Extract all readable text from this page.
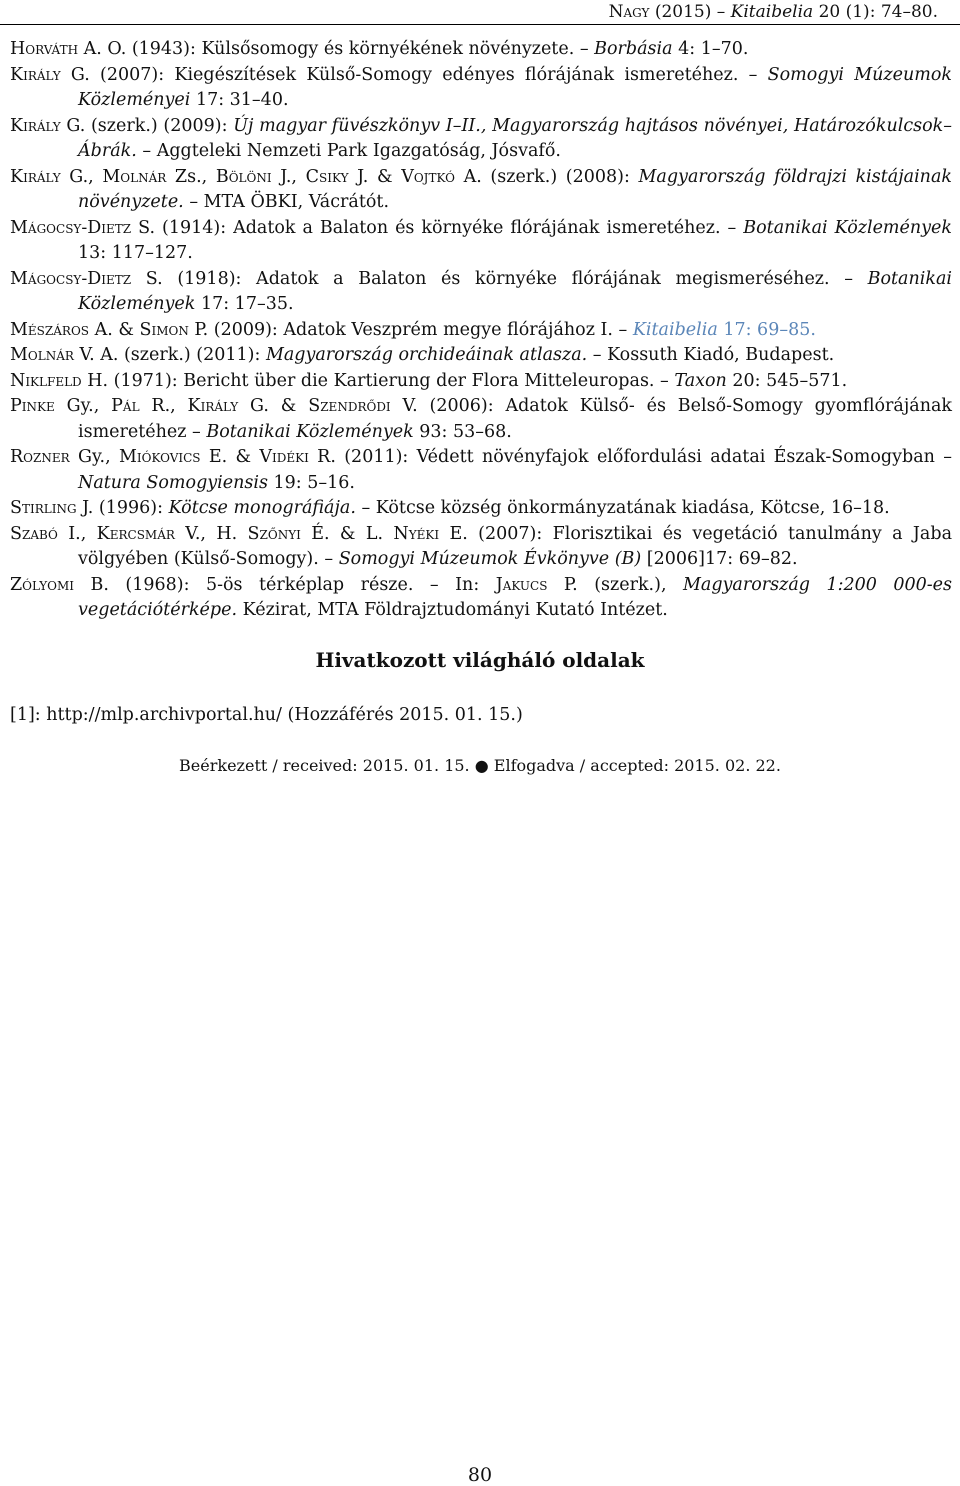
Nagy (2015) – Kitaibelia 20 (1): 74–80.
Horváth A. O. (1943): Külsősomogy és környékének növényzete. – Borbásia 4: 1–70.
Király G. (2007): Kiegészítések Külső-Somogy edényes flórájának ismeretéhez. – Somogyi Múzeumok Közleményei 17: 31–40.
Király G. (szerk.) (2009): Új magyar füvészkönyv I–II., Magyarország hajtásos növényei, Határozókulcsok–Ábrák. – Aggteleki Nemzeti Park Igazgatóság, Jósvafő.
Király G., Molnár Zs., Bölöni J., Csiky J. & Vojtkó A. (szerk.) (2008): Magyarország földrajzi kistájainak növényzete. – MTA ÖBKI, Vácrátót.
Mágocsy-Dietz S. (1914): Adatok a Balaton és környéke flórájának ismeretéhez. – Botanikai Közlemények 13: 117–127.
Mágocsy-Dietz S. (1918): Adatok a Balaton és környéke flórájának megismeréséhez. – Botanikai Közlemények 17: 17–35.
Mészáros A. & Simon P. (2009): Adatok Veszprém megye flórájához I. – Kitaibelia 17: 69–85.
Molnár V. A. (szerk.) (2011): Magyarország orchideáinak atlasza. – Kossuth Kiadó, Budapest.
Niklfeld H. (1971): Bericht über die Kartierung der Flora Mitteleuropas. – Taxon 20: 545–571.
Pinke Gy., Pál R., Király G. & Szendrődi V. (2006): Adatok Külső- és Belső-Somogy gyomflórájának ismeretéhez – Botanikai Közlemények 93: 53–68.
Rozner Gy., Miókovics E. & Vidéki R. (2011): Védett növényfajok előfordulási adatai Észak-Somogyban – Natura Somogyiensis 19: 5–16.
Stirling J. (1996): Kötcse monográfiája. – Kötcse község önkormányzatának kiadása, Kötcse, 16–18.
Szabó I., Kercsmár V., H. Szőnyi É. & L. Nyéki E. (2007): Florisztikai és vegetáció tanulmány a Jaba völgyében (Külső-Somogy). – Somogyi Múzeumok Évkönyve (B) [2006]17: 69–82.
Zólyomi B. (1968): 5-ös térképlap része. – In: Jakucs P. (szerk.), Magyarország 1:200 000-es vegetációtérképe. Kézirat, MTA Földrajztudományi Kutató Intézet.
Hivatkozott világháló oldalak
[1]: http://mlp.archivportal.hu/ (Hozzáférés 2015. 01. 15.)
Beérkezett / received: 2015. 01. 15. ● Elfogadva / accepted: 2015. 02. 22.
80
